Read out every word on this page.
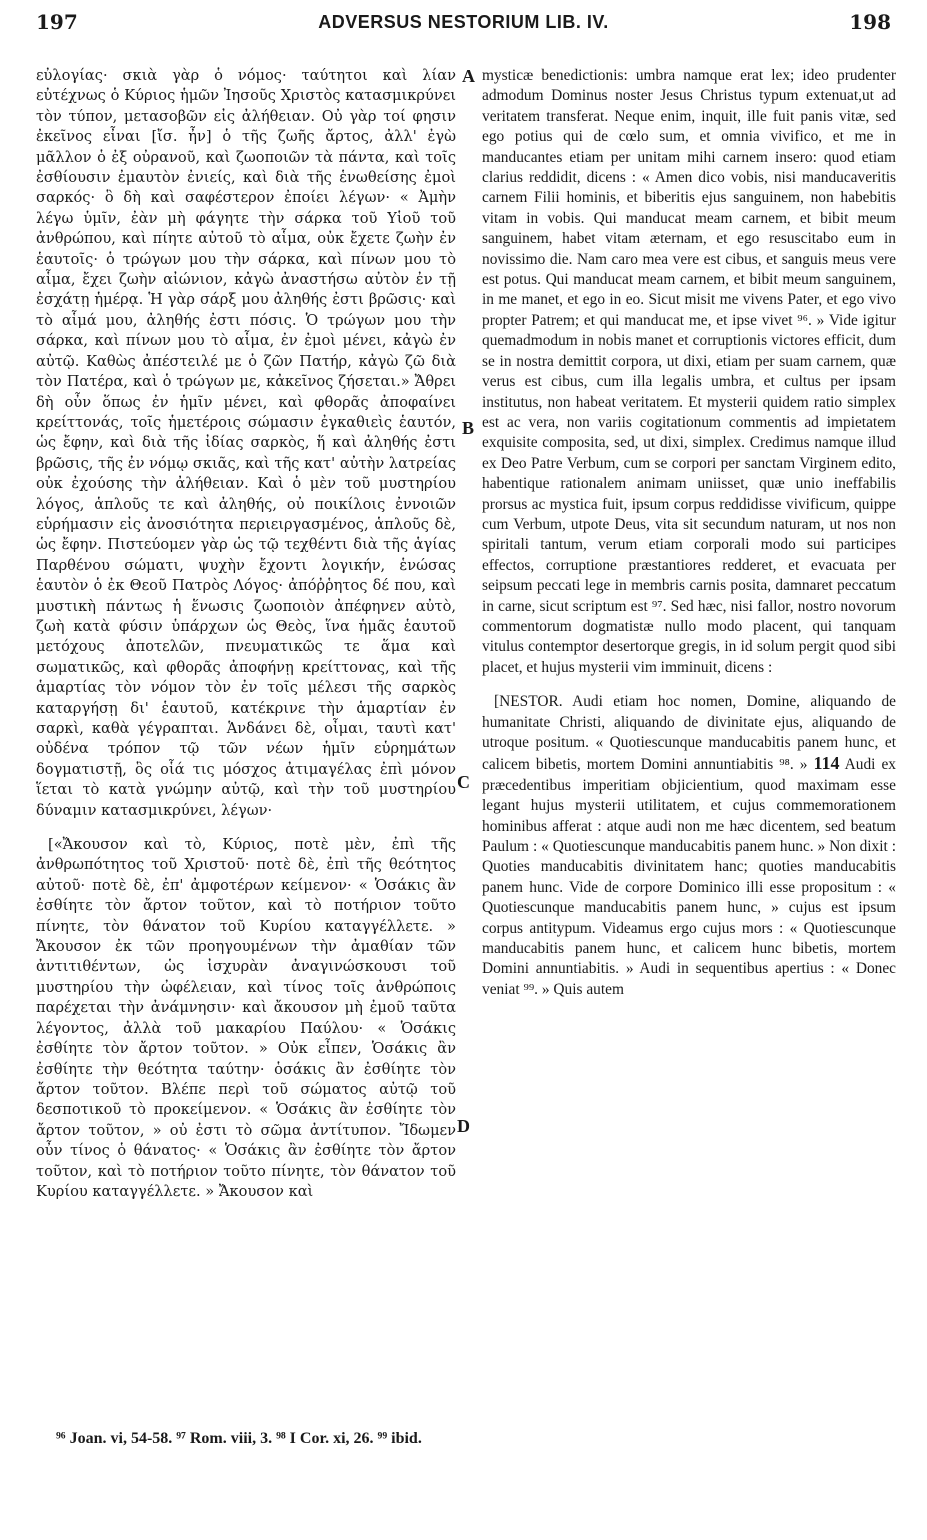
197	ADVERSUS NESTORIUM LIB. IV.	198
A
B
C
D

εὐλογίας· σκιὰ γὰρ ὁ νόμος· ταύτητοι καὶ λίαν εὐτέχνως ὁ Κύριος ἡμῶν Ἰησοῦς Χριστὸς κατασμικρύνει τὸν τύπον, μετασοβῶν εἰς ἀλήθειαν. Οὐ γὰρ τοί φησιν ἐκεῖνος εἶναι [ἴσ. ἦν] ὁ τῆς ζωῆς ἄρτος, ἀλλ' ἐγὼ μᾶλλον ὁ ἐξ οὐρανοῦ, καὶ ζωοποιῶν τὰ πάντα, καὶ τοῖς ἐσθίουσιν ἐμαυτὸν ἐνιείς, καὶ διὰ τῆς ἑνωθείσης ἐμοὶ σαρκός· ὃ δὴ καὶ σαφέστερον ἐποίει λέγων· « Ἀμὴν λέγω ὑμῖν, ἐὰν μὴ φάγητε τὴν σάρκα τοῦ Υἱοῦ τοῦ ἀνθρώπου, καὶ πίητε αὐτοῦ τὸ αἷμα, οὐκ ἔχετε ζωὴν ἐν ἑαυτοῖς· ὁ τρώγων μου τὴν σάρκα, καὶ πίνων μου τὸ αἷμα, ἔχει ζωὴν αἰώνιον, κἀγὼ ἀναστήσω αὐτὸν ἐν τῇ ἐσχάτῃ ἡμέρᾳ. Ἡ γὰρ σάρξ μου ἀληθής ἐστι βρῶσις· καὶ τὸ αἷμά μου, ἀληθής ἐστι πόσις. Ὁ τρώγων μου τὴν σάρκα, καὶ πίνων μου τὸ αἷμα, ἐν ἐμοὶ μένει, κἀγὼ ἐν αὐτῷ. Καθὼς ἀπέστειλέ με ὁ ζῶν Πατήρ, κἀγὼ ζῶ διὰ τὸν Πατέρα, καὶ ὁ τρώγων με, κἀκεῖνος ζήσεται.» Ἄθρει δὴ οὖν ὅπως ἐν ἡμῖν μένει, καὶ φθορᾶς ἀποφαίνει κρείττονάς, τοῖς ἡμετέροις σώμασιν ἐγκαθιεὶς ἑαυτόν, ὡς ἔφην, καὶ διὰ τῆς ἰδίας σαρκὸς, ἥ καὶ ἀληθής ἐστι βρῶσις, τῆς ἐν νόμῳ σκιᾶς, καὶ τῆς κατ' αὐτὴν λατρείας οὐκ ἐχούσης τὴν ἀλήθειαν. Καὶ ὁ μὲν τοῦ μυστηρίου λόγος, ἁπλοῦς τε καὶ ἀληθής, οὐ ποικίλοις ἐννοιῶν εὑρήμασιν εἰς ἀνοσιότητα περιειργασμένος, ἁπλοῦς δὲ, ὡς ἔφην. Πιστεύομεν γὰρ ὡς τῷ τεχθέντι διὰ τῆς ἁγίας Παρθένου σώματι, ψυχὴν ἔχοντι λογικήν, ἑνώσας ἑαυτὸν ὁ ἐκ Θεοῦ Πατρὸς Λόγος· ἀπόῤῥητος δέ που, καὶ μυστικὴ πάντως ἡ ἕνωσις ζωοποιὸν ἀπέφηνεν αὐτὸ, ζωὴ κατὰ φύσιν ὑπάρχων ὡς Θεὸς, ἵνα ἡμᾶς ἑαυτοῦ μετόχους ἀποτελῶν, πνευματικῶς τε ἅμα καὶ σωματικῶς, καὶ φθορᾶς ἀποφήνῃ κρείττονας, καὶ τῆς ἁμαρτίας τὸν νόμον τὸν ἐν τοῖς μέλεσι τῆς σαρκὸς καταργήσῃ δι' ἑαυτοῦ, κατέκρινε τὴν ἁμαρτίαν ἐν σαρκὶ, καθὰ γέγραπται. Ἁνδάνει δὲ, οἶμαι, ταυτὶ κατ' οὐδένα τρόπον τῷ τῶν νέων ἡμῖν εὑρημάτων δογματιστῇ, ὃς οἷά τις μόσχος ἀτιμαγέλας ἐπὶ μόνον ἵεται τὸ κατὰ γνώμην αὐτῷ, καὶ τὴν τοῦ μυστηρίου δύναμιν κατασμικρύνει, λέγων·

[«Ἄκουσον καὶ τὸ, Κύριος, ποτὲ μὲν, ἐπὶ τῆς ἀνθρωπότητος τοῦ Χριστοῦ· ποτὲ δὲ, ἐπὶ τῆς θεότητος αὐτοῦ· ποτὲ δὲ, ἐπ' ἀμφοτέρων κείμενον· « Ὁσάκις ἂν ἐσθίητε τὸν ἄρτον τοῦτον, καὶ τὸ ποτήριον τοῦτο πίνητε, τὸν θάνατον τοῦ Κυρίου καταγγέλλετε. » Ἄκουσον ἐκ τῶν προηγουμένων τὴν ἀμαθίαν τῶν ἀντιτιθέντων, ὡς ἰσχυρὰν ἀναγινώσκουσι τοῦ μυστηρίου τὴν ὠφέλειαν, καὶ τίνος τοῖς ἀνθρώποις παρέχεται τὴν ἀνάμνησιν· καὶ ἄκουσον μὴ ἐμοῦ ταῦτα λέγοντος, ἀλλὰ τοῦ μακαρίου Παύλου· « Ὁσάκις ἐσθίητε τὸν ἄρτον τοῦτον. » Οὐκ εἶπεν, Ὁσάκις ἂν ἐσθίητε τὴν θεότητα ταύτην· ὁσάκις ἂν ἐσθίητε τὸν ἄρτον τοῦτον. Βλέπε περὶ τοῦ σώματος αὐτῷ τοῦ δεσποτικοῦ τὸ προκείμενον. « Ὁσάκις ἂν ἐσθίητε τὸν ἄρτον τοῦτον, » οὐ ἐστι τὸ σῶμα ἀντίτυπον. Ἴδωμεν οὖν τίνος ὁ θάνατος· « Ὁσάκις ἂν ἐσθίητε τὸν ἄρτον τοῦτον, καὶ τὸ ποτήριον τοῦτο πίνητε, τὸν θάνατον τοῦ Κυρίου καταγγέλλετε. » Ἄκουσον καὶ

mysticæ benedictionis: umbra namque erat lex; ideo prudenter admodum Dominus noster Jesus Christus typum extenuat,ut ad veritatem transferat. Neque enim, inquit, ille fuit panis vitæ, sed ego potius qui de cœlo sum, et omnia vivifico, et me in manducantes etiam per unitam mihi carnem insero: quod etiam clarius reddidit, dicens : « Amen dico vobis, nisi manducaveritis carnem Filii hominis, et biberitis ejus sanguinem, non habebitis vitam in vobis. Qui manducat meam carnem, et bibit meum sanguinem, habet vitam æternam, et ego resuscitabo eum in novissimo die. Nam caro mea vere est cibus, et sanguis meus vere est potus. Qui manducat meam carnem, et bibit meum sanguinem, in me manet, et ego in eo. Sicut misit me vivens Pater, et ego vivo propter Patrem; et qui manducat me, et ipse vivet ⁹⁶. » Vide igitur quemadmodum in nobis manet et corruptionis victores efficit, dum se in nostra demittit corpora, ut dixi, etiam per suam carnem, quæ verus est cibus, cum illa legalis umbra, et cultus per ipsam institutus, non habeat veritatem. Et mysterii quidem ratio simplex est ac vera, non variis cogitationum commentis ad impietatem exquisite composita, sed, ut dixi, simplex. Credimus namque illud ex Deo Patre Verbum, cum se corpori per sanctam Virginem edito, habentique rationalem animam uniisset, quæ unio ineffabilis prorsus ac mystica fuit, ipsum corpus reddidisse vivificum, quippe cum Verbum, utpote Deus, vita sit secundum naturam, ut nos non spiritali tantum, verum etiam corporali modo sui participes effectos, corruptione præstantiores redderet, et evacuata per seipsum peccati lege in membris carnis posita, damnaret peccatum in carne, sicut scriptum est ⁹⁷. Sed hæc, nisi fallor, nostro novorum commentorum dogmatistæ nullo modo placent, qui tanquam vitulus contemptor desertorque gregis, in id solum pergit quod sibi placet, et hujus mysterii vim imminuit, dicens :

[NESTOR. Audi etiam hoc nomen, Domine, aliquando de humanitate Christi, aliquando de divinitate ejus, aliquando de utroque positum. « Quotiescunque manducabitis panem hunc, et calicem bibetis, mortem Domini annuntiabitis ⁹⁸. » 114 Audi ex præcedentibus imperitiam objicientium, quod maximam esse legant hujus mysterii utilitatem, et cujus commemorationem hominibus afferat : atque audi non me hæc dicentem, sed beatum Paulum : « Quotiescunque manducabitis panem hunc. » Non dixit : Quoties manducabitis divinitatem hanc; quoties manducabitis panem hunc. Vide de corpore Dominico illi esse propositum : « Quotiescunque manducabitis panem hunc, » cujus est ipsum corpus antitypum. Videamus ergo cujus mors : « Quotiescunque manducabitis panem hunc, et calicem hunc bibetis, mortem Domini annuntiabitis. » Audi in sequentibus apertius : « Donec veniat ⁹⁹. » Quis autem

⁹⁶ Joan. vi, 54-58. ⁹⁷ Rom. viii, 3. ⁹⁸ I Cor. xi, 26. ⁹⁹ ibid.
